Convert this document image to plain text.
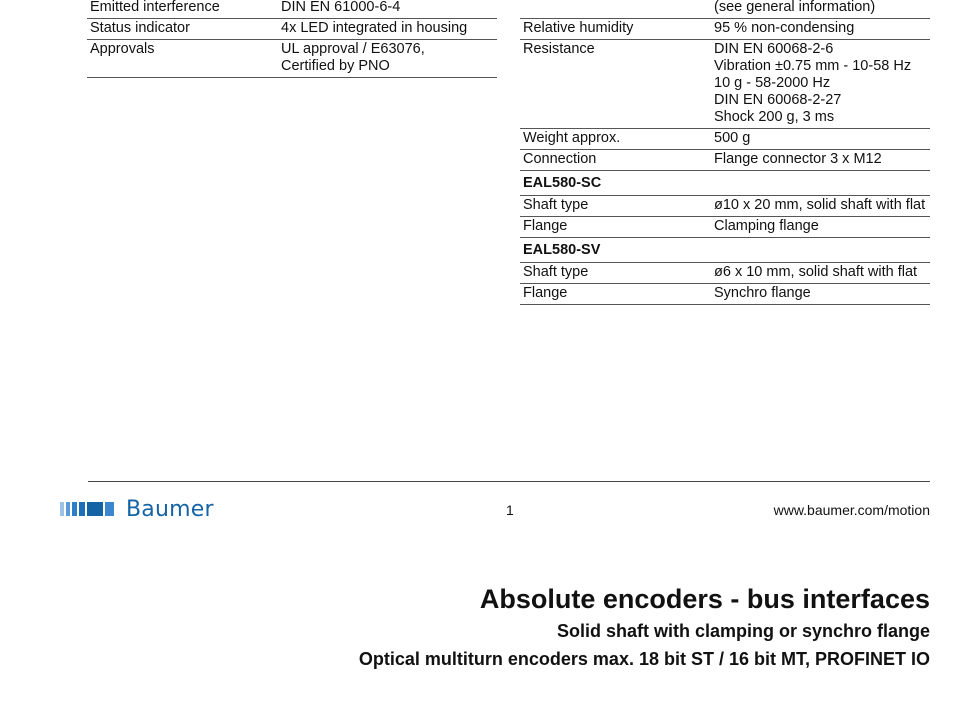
Emitted interference	DIN EN 61000-6-4
Status indicator	4x LED integrated in housing
Approvals	UL approval / E63076,
Certified by PNO
	(see general information)
Relative humidity	95 % non-condensing
Resistance	DIN EN 60068-2-6
Vibration ±0.75 mm - 10-58 Hz
10 g - 58-2000 Hz
DIN EN 60068-2-27
Shock 200 g, 3 ms
Weight approx.	500 g
Connection	Flange connector 3 x M12
EAL580-SC	
Shaft type	ø10 x 20 mm, solid shaft with flat
Flange	Clamping flange
EAL580-SV	
Shaft type	ø6 x 10 mm, solid shaft with flat
Flange	Synchro flange
Baumer	1	www.baumer.com/motion
Absolute encoders - bus interfaces
Solid shaft with clamping or synchro flange
Optical multiturn encoders max. 18 bit ST / 16 bit MT, PROFINET IO
